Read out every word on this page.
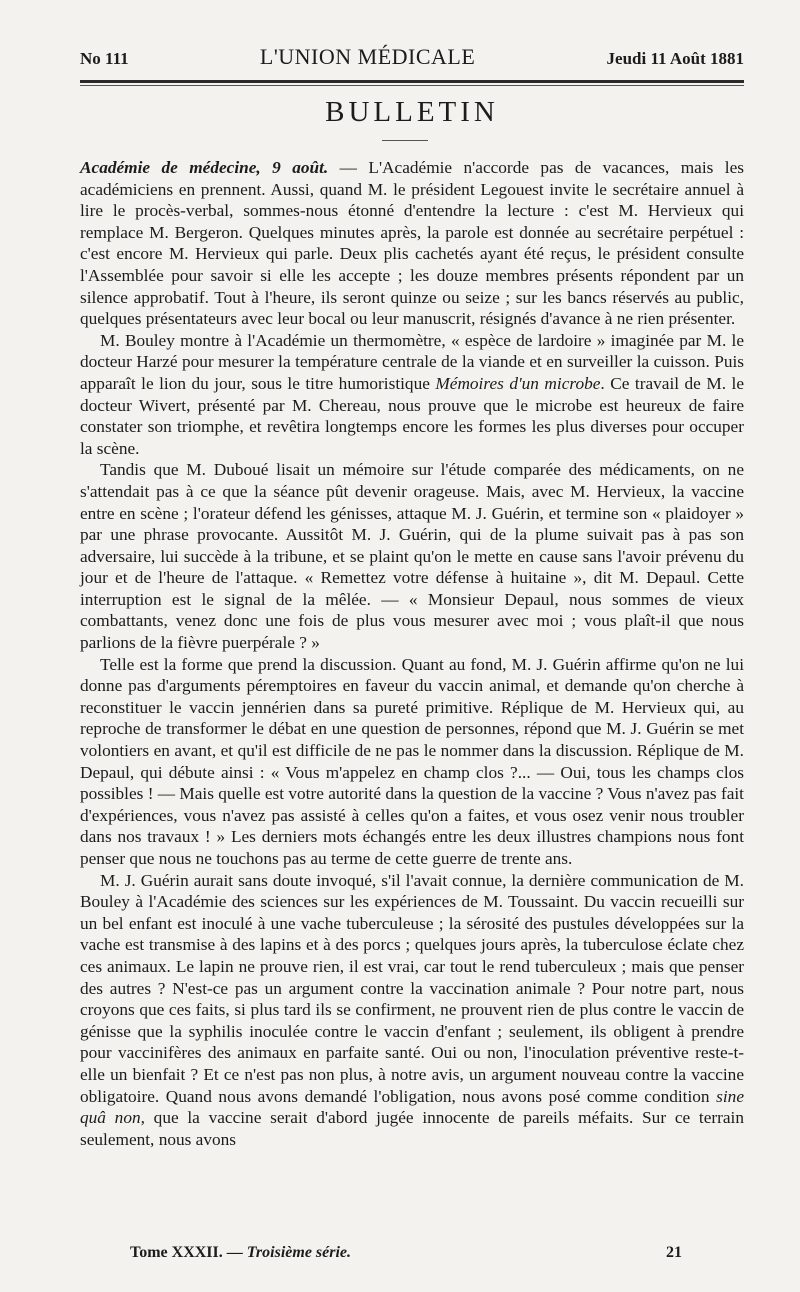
No 111	L'UNION MÉDICALE	Jeudi 11 Août 1881
BULLETIN

Académie de médecine, 9 août. — L'Académie n'accorde pas de vacances, mais les académiciens en prennent. Aussi, quand M. le président Legouest invite le secrétaire annuel à lire le procès-verbal, sommes-nous étonné d'entendre la lecture : c'est M. Hervieux qui remplace M. Bergeron. Quelques minutes après, la parole est donnée au secrétaire perpétuel : c'est encore M. Hervieux qui parle. Deux plis cachetés ayant été reçus, le président consulte l'Assemblée pour savoir si elle les accepte ; les douze membres présents répondent par un silence approbatif. Tout à l'heure, ils seront quinze ou seize ; sur les bancs réservés au public, quelques présentateurs avec leur bocal ou leur manuscrit, résignés d'avance à ne rien présenter.

M. Bouley montre à l'Académie un thermomètre, « espèce de lardoire » imaginée par M. le docteur Harzé pour mesurer la température centrale de la viande et en surveiller la cuisson. Puis apparaît le lion du jour, sous le titre humoristique Mémoires d'un microbe. Ce travail de M. le docteur Wivert, présenté par M. Chereau, nous prouve que le microbe est heureux de faire constater son triomphe, et revêtira longtemps encore les formes les plus diverses pour occuper la scène.

Tandis que M. Duboué lisait un mémoire sur l'étude comparée des médicaments, on ne s'attendait pas à ce que la séance pût devenir orageuse. Mais, avec M. Hervieux, la vaccine entre en scène ; l'orateur défend les génisses, attaque M. J. Guérin, et termine son « plaidoyer » par une phrase provocante. Aussitôt M. J. Guérin, qui de la plume suivait pas à pas son adversaire, lui succède à la tribune, et se plaint qu'on le mette en cause sans l'avoir prévenu du jour et de l'heure de l'attaque. « Remettez votre défense à huitaine », dit M. Depaul. Cette interruption est le signal de la mêlée. — « Monsieur Depaul, nous sommes de vieux combattants, venez donc une fois de plus vous mesurer avec moi ; vous plaît-il que nous parlions de la fièvre puerpérale ? »

Telle est la forme que prend la discussion. Quant au fond, M. J. Guérin affirme qu'on ne lui donne pas d'arguments péremptoires en faveur du vaccin animal, et demande qu'on cherche à reconstituer le vaccin jennérien dans sa pureté primitive. Réplique de M. Hervieux qui, au reproche de transformer le débat en une question de personnes, répond que M. J. Guérin se met volontiers en avant, et qu'il est difficile de ne pas le nommer dans la discussion. Réplique de M. Depaul, qui débute ainsi : « Vous m'appelez en champ clos ?... — Oui, tous les champs clos possibles ! — Mais quelle est votre autorité dans la question de la vaccine ? Vous n'avez pas fait d'expériences, vous n'avez pas assisté à celles qu'on a faites, et vous osez venir nous troubler dans nos travaux ! » Les derniers mots échangés entre les deux illustres champions nous font penser que nous ne touchons pas au terme de cette guerre de trente ans.

M. J. Guérin aurait sans doute invoqué, s'il l'avait connue, la dernière communication de M. Bouley à l'Académie des sciences sur les expériences de M. Toussaint. Du vaccin recueilli sur un bel enfant est inoculé à une vache tuberculeuse ; la sérosité des pustules développées sur la vache est transmise à des lapins et à des porcs ; quelques jours après, la tuberculose éclate chez ces animaux. Le lapin ne prouve rien, il est vrai, car tout le rend tuberculeux ; mais que penser des autres ? N'est-ce pas un argument contre la vaccination animale ? Pour notre part, nous croyons que ces faits, si plus tard ils se confirment, ne prouvent rien de plus contre le vaccin de génisse que la syphilis inoculée contre le vaccin d'enfant ; seulement, ils obligent à prendre pour vaccinifères des animaux en parfaite santé. Oui ou non, l'inoculation préventive reste-t-elle un bienfait ? Et ce n'est pas non plus, à notre avis, un argument nouveau contre la vaccine obligatoire. Quand nous avons demandé l'obligation, nous avons posé comme condition sine quâ non, que la vaccine serait d'abord jugée innocente de pareils méfaits. Sur ce terrain seulement, nous avons

Tome XXXII. — Troisième série.	21
